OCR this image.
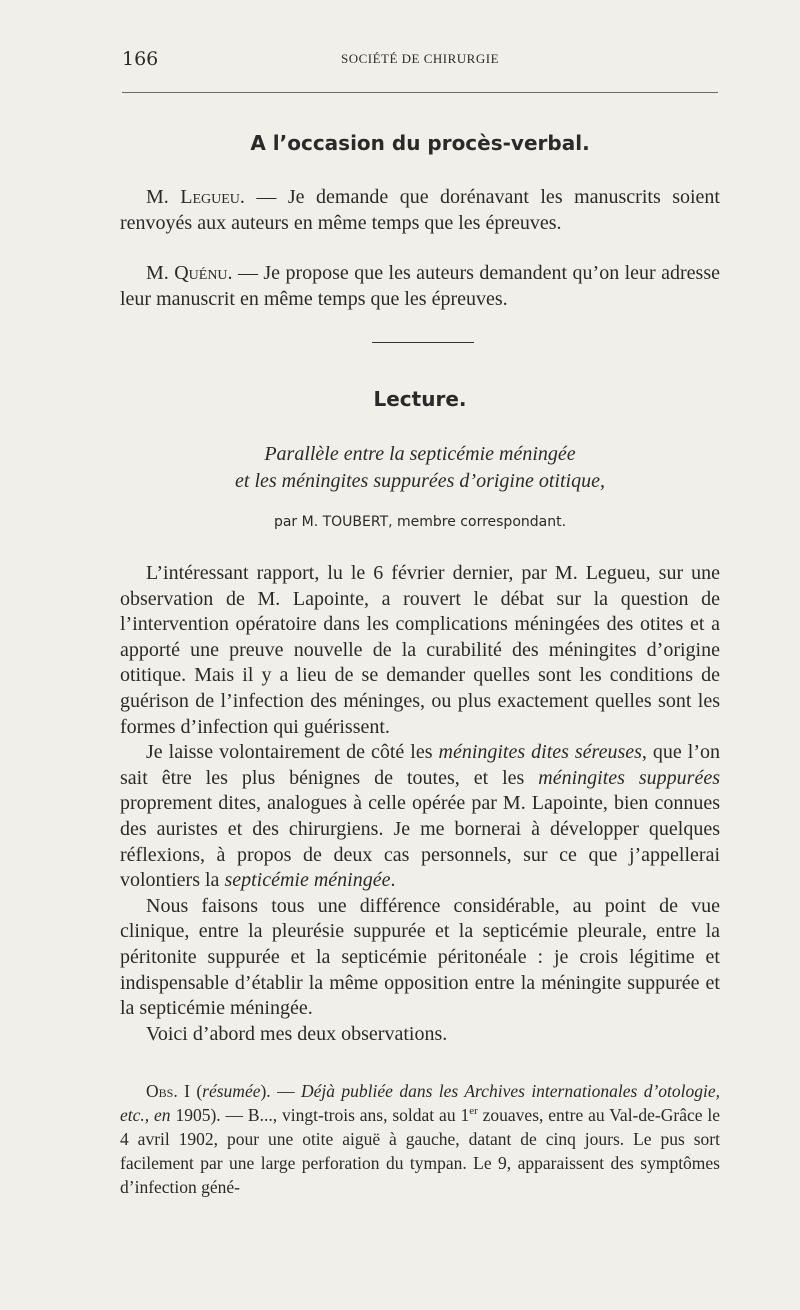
166	SOCIÉTÉ DE CHIRURGIE
A l’occasion du procès-verbal.

M. Legueu. — Je demande que dorénavant les manuscrits soient renvoyés aux auteurs en même temps que les épreuves.

M. Quénu. — Je propose que les auteurs demandent qu’on leur adresse leur manuscrit en même temps que les épreuves.

Lecture.
Parallèle entre la septicémie méningée
et les méningites suppurées d’origine otitique,
par M. TOUBERT, membre correspondant.

L’intéressant rapport, lu le 6 février dernier, par M. Legueu, sur une observation de M. Lapointe, a rouvert le débat sur la question de l’intervention opératoire dans les complications méningées des otites et a apporté une preuve nouvelle de la curabilité des méningites d’origine otitique. Mais il y a lieu de se demander quelles sont les conditions de guérison de l’infection des méninges, ou plus exactement quelles sont les formes d’infection qui guérissent.

Je laisse volontairement de côté les méningites dites séreuses, que l’on sait être les plus bénignes de toutes, et les méningites suppurées proprement dites, analogues à celle opérée par M. Lapointe, bien connues des auristes et des chirurgiens. Je me bornerai à développer quelques réflexions, à propos de deux cas personnels, sur ce que j’appellerai volontiers la septicémie méningée.

Nous faisons tous une différence considérable, au point de vue clinique, entre la pleurésie suppurée et la septicémie pleurale, entre la péritonite suppurée et la septicémie péritonéale : je crois légitime et indispensable d’établir la même opposition entre la méningite suppurée et la septicémie méningée.

Voici d’abord mes deux observations.

Obs. I (résumée). — Déjà publiée dans les Archives internationales d’otologie, etc., en 1905). — B..., vingt-trois ans, soldat au 1er zouaves, entre au Val-de-Grâce le 4 avril 1902, pour une otite aiguë à gauche, datant de cinq jours. Le pus sort facilement par une large perforation du tympan. Le 9, apparaissent des symptômes d’infection géné-
